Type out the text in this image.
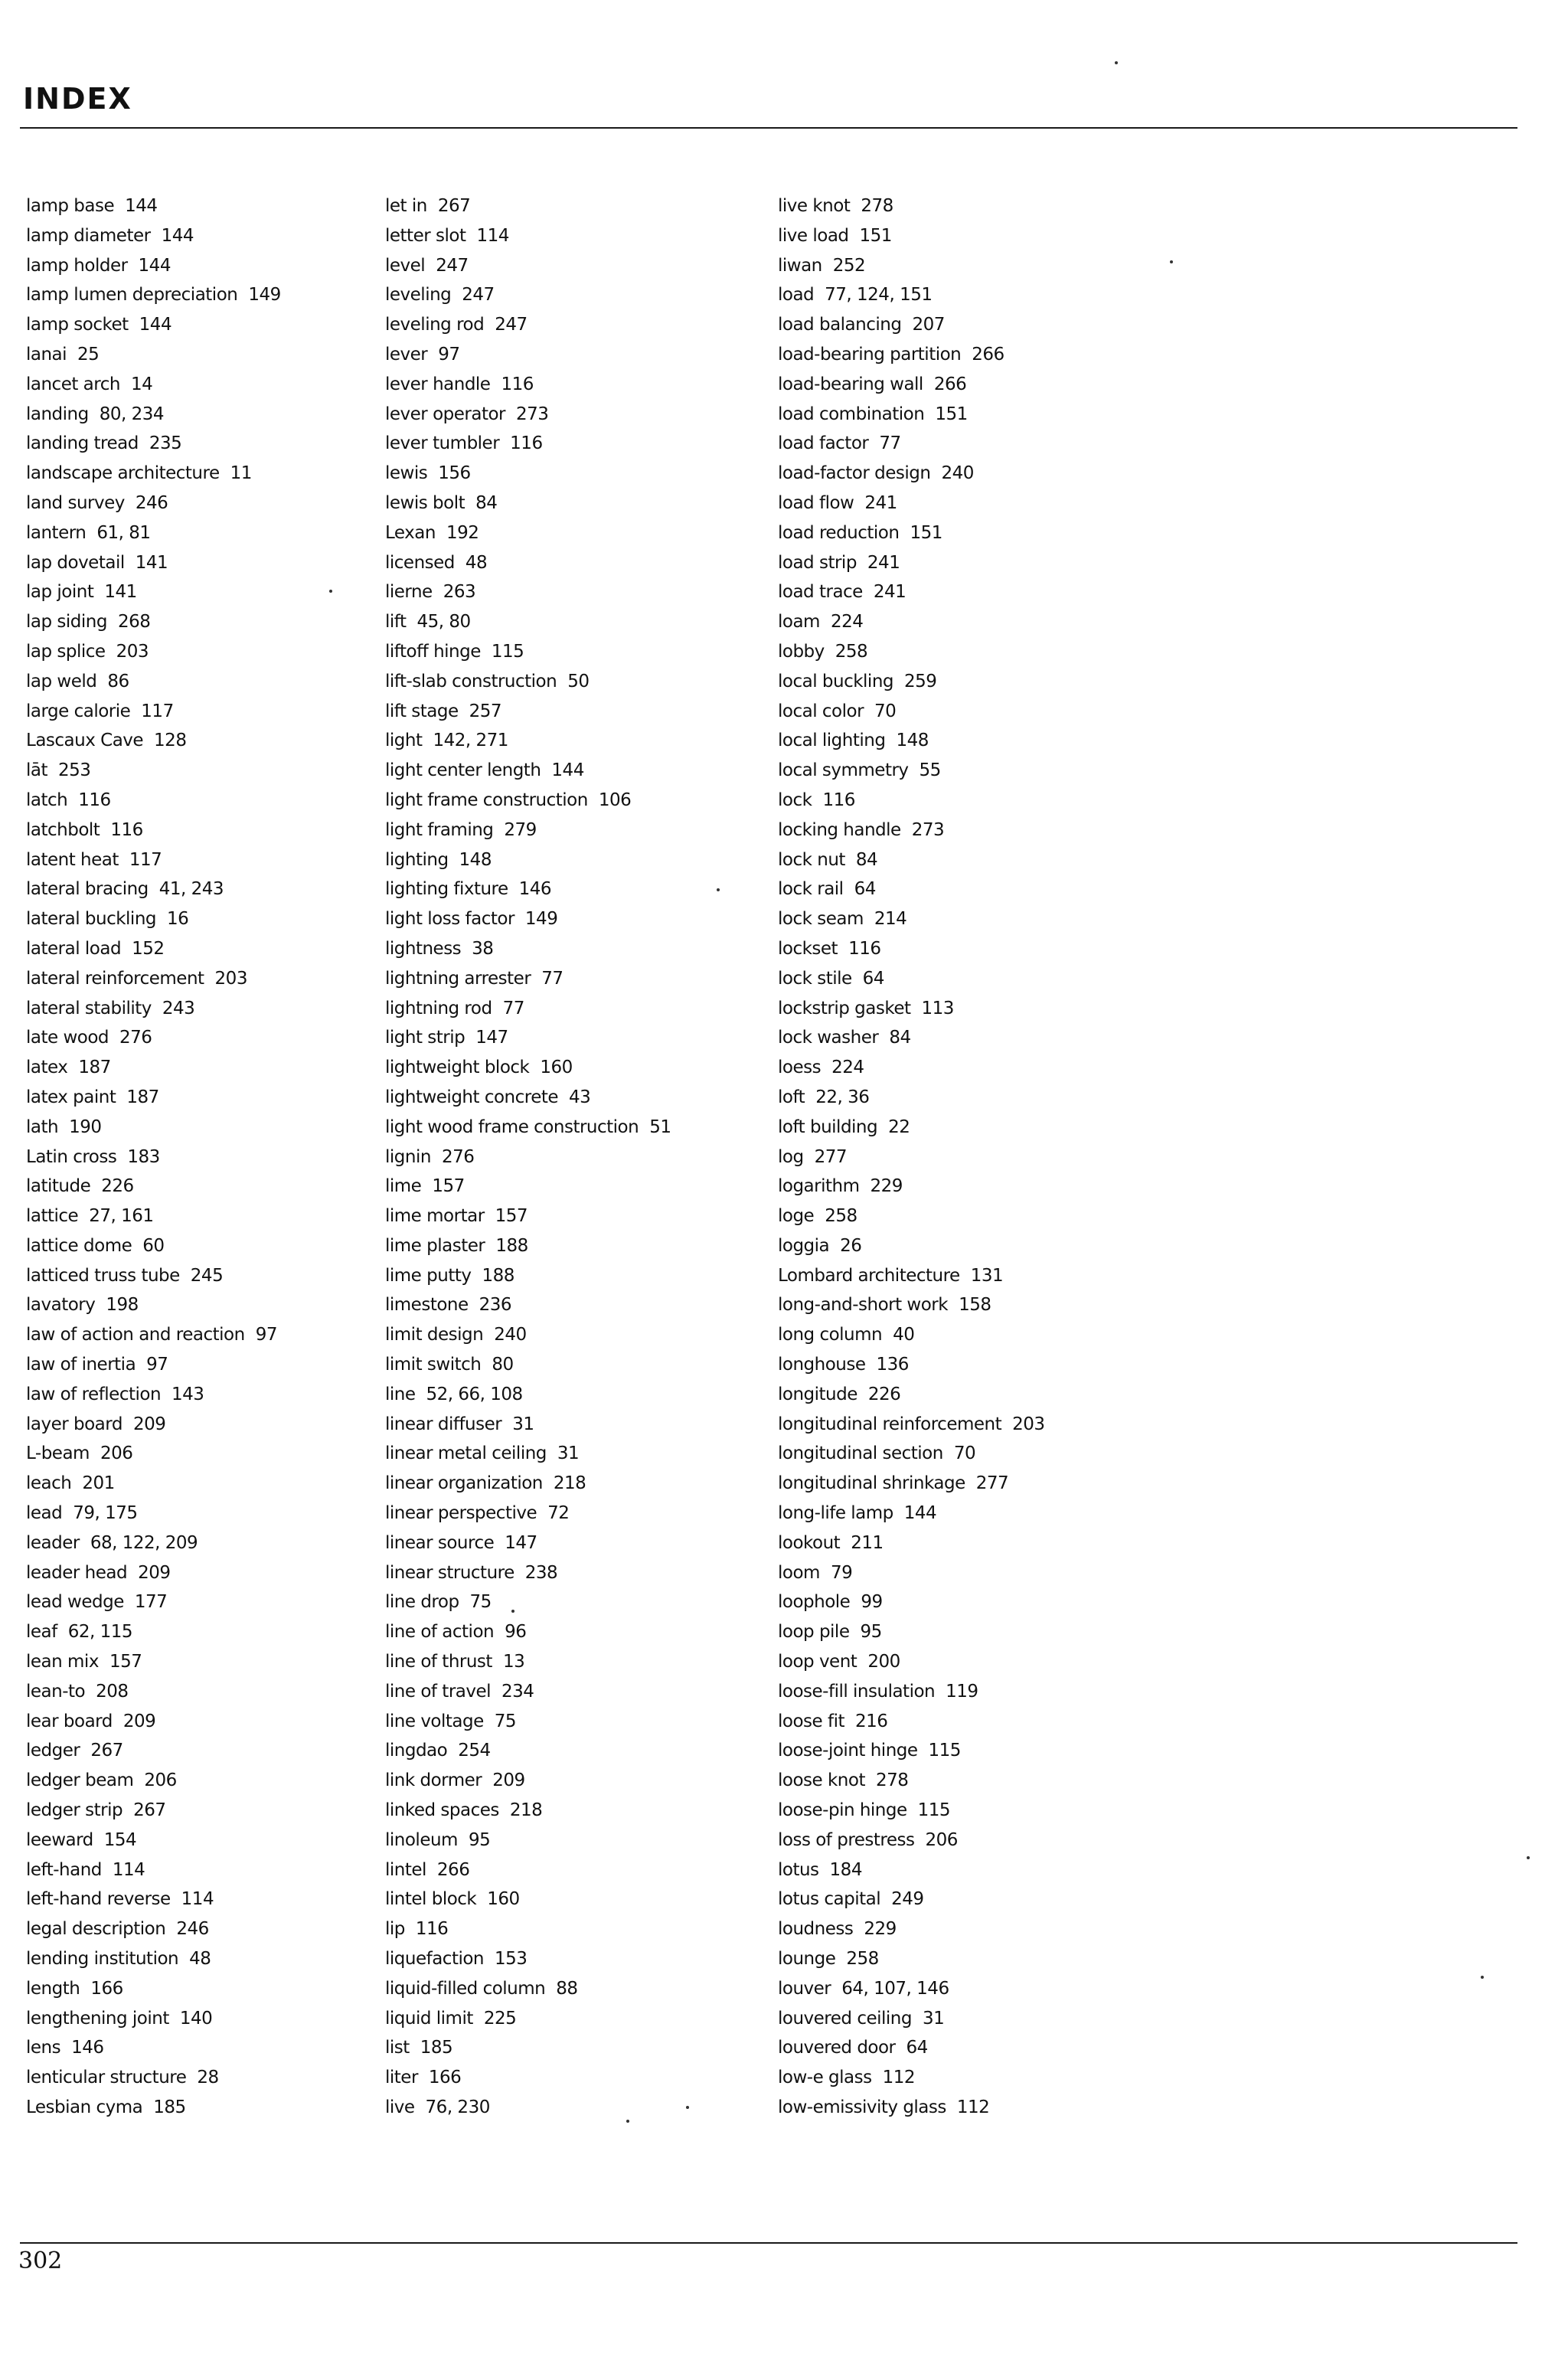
INDEX
lamp base 144
lamp diameter 144
lamp holder 144
lamp lumen depreciation 149
lamp socket 144
lanai 25
lancet arch 14
landing 80, 234
landing tread 235
landscape architecture 11
land survey 246
lantern 61, 81
lap dovetail 141
lap joint 141
lap siding 268
lap splice 203
lap weld 86
large calorie 117
Lascaux Cave 128
lāt 253
latch 116
latchbolt 116
latent heat 117
lateral bracing 41, 243
lateral buckling 16
lateral load 152
lateral reinforcement 203
lateral stability 243
late wood 276
latex 187
latex paint 187
lath 190
Latin cross 183
latitude 226
lattice 27, 161
lattice dome 60
latticed truss tube 245
lavatory 198
law of action and reaction 97
law of inertia 97
law of reflection 143
layer board 209
L-beam 206
leach 201
lead 79, 175
leader 68, 122, 209
leader head 209
lead wedge 177
leaf 62, 115
lean mix 157
lean-to 208
lear board 209
ledger 267
ledger beam 206
ledger strip 267
leeward 154
left-hand 114
left-hand reverse 114
legal description 246
lending institution 48
length 166
lengthening joint 140
lens 146
lenticular structure 28
Lesbian cyma 185
let in 267
letter slot 114
level 247
leveling 247
leveling rod 247
lever 97
lever handle 116
lever operator 273
lever tumbler 116
lewis 156
lewis bolt 84
Lexan 192
licensed 48
lierne 263
lift 45, 80
liftoff hinge 115
lift-slab construction 50
lift stage 257
light 142, 271
light center length 144
light frame construction 106
light framing 279
lighting 148
lighting fixture 146
light loss factor 149
lightness 38
lightning arrester 77
lightning rod 77
light strip 147
lightweight block 160
lightweight concrete 43
light wood frame construction 51
lignin 276
lime 157
lime mortar 157
lime plaster 188
lime putty 188
limestone 236
limit design 240
limit switch 80
line 52, 66, 108
linear diffuser 31
linear metal ceiling 31
linear organization 218
linear perspective 72
linear source 147
linear structure 238
line drop 75
line of action 96
line of thrust 13
line of travel 234
line voltage 75
lingdao 254
link dormer 209
linked spaces 218
linoleum 95
lintel 266
lintel block 160
lip 116
liquefaction 153
liquid-filled column 88
liquid limit 225
list 185
liter 166
live 76, 230
live knot 278
live load 151
liwan 252
load 77, 124, 151
load balancing 207
load-bearing partition 266
load-bearing wall 266
load combination 151
load factor 77
load-factor design 240
load flow 241
load reduction 151
load strip 241
load trace 241
loam 224
lobby 258
local buckling 259
local color 70
local lighting 148
local symmetry 55
lock 116
locking handle 273
lock nut 84
lock rail 64
lock seam 214
lockset 116
lock stile 64
lockstrip gasket 113
lock washer 84
loess 224
loft 22, 36
loft building 22
log 277
logarithm 229
loge 258
loggia 26
Lombard architecture 131
long-and-short work 158
long column 40
longhouse 136
longitude 226
longitudinal reinforcement 203
longitudinal section 70
longitudinal shrinkage 277
long-life lamp 144
lookout 211
loom 79
loophole 99
loop pile 95
loop vent 200
loose-fill insulation 119
loose fit 216
loose-joint hinge 115
loose knot 278
loose-pin hinge 115
loss of prestress 206
lotus 184
lotus capital 249
loudness 229
lounge 258
louver 64, 107, 146
louvered ceiling 31
louvered door 64
low-e glass 112
low-emissivity glass 112
302
